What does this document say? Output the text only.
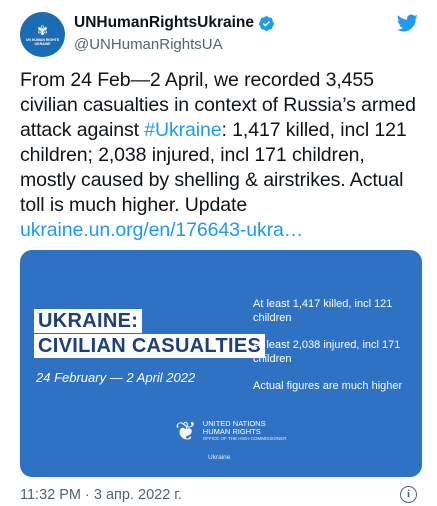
✾
UN HUMAN RIGHTS UKRAINE
UNHumanRightsUkraine
@UNHumanRightsUA

From 24 Feb—2 April, we recorded 3,455 civilian casualties in context of Russia’s armed attack against #Ukraine: 1,417 killed, incl 121 children; 2,038 injured, incl 171 children, mostly caused by shelling & airstrikes. Actual toll is much higher. Update ukraine.un.org/en/176643-ukra…

UKRAINE:
CIVILIAN CASUALTIES
24 February — 2 April 2022
At least 1,417 killed, incl 121 children
At least 2,038 injured, incl 171 children
Actual figures are much higher
❦ UNITED NATIONS
HUMAN RIGHTS
OFFICE OF THE HIGH COMMISSIONER
Ukraine
11:32 PM · 3 апр. 2022 г.	i
